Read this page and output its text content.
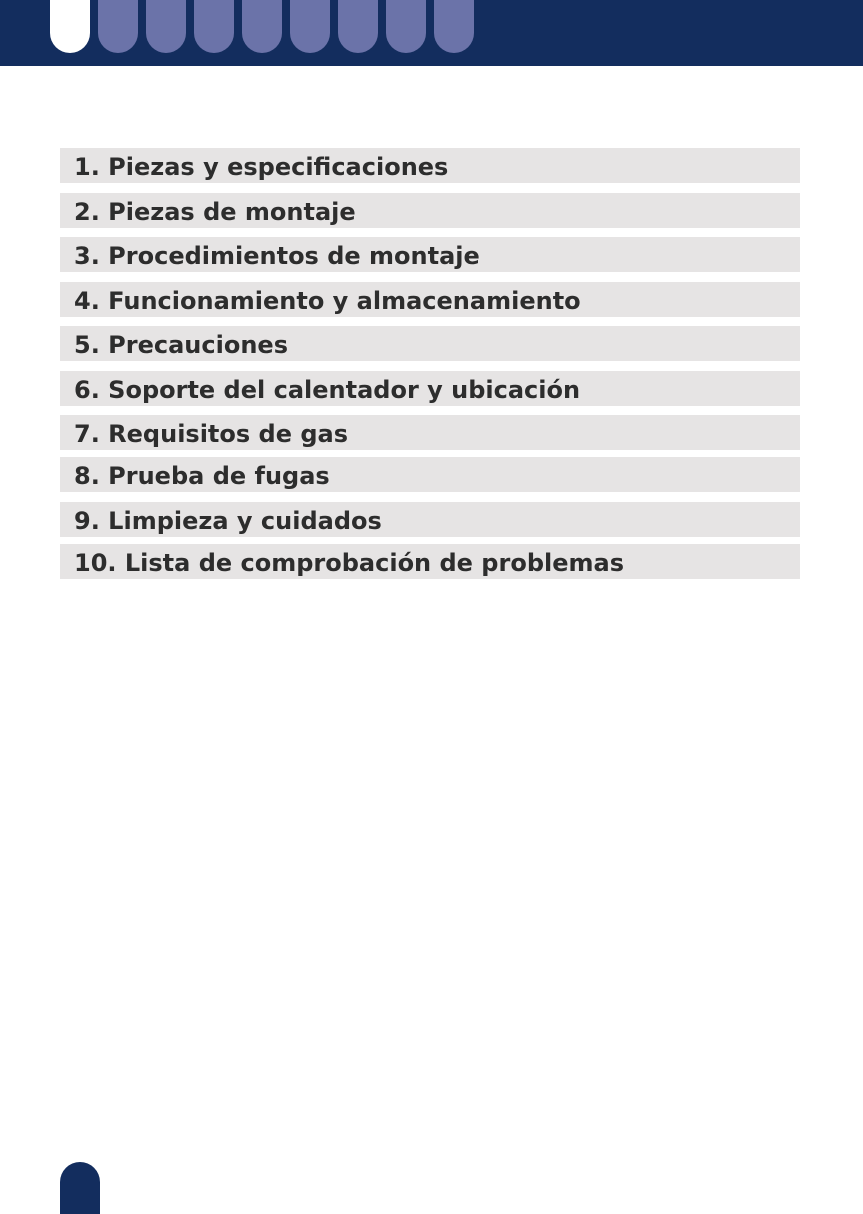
1. Piezas y especificaciones
2. Piezas de montaje
3. Procedimientos de montaje
4. Funcionamiento y almacenamiento
5. Precauciones
6. Soporte del calentador y ubicación
7. Requisitos de gas
8. Prueba de fugas
9. Limpieza y cuidados
10. Lista de comprobación de problemas
